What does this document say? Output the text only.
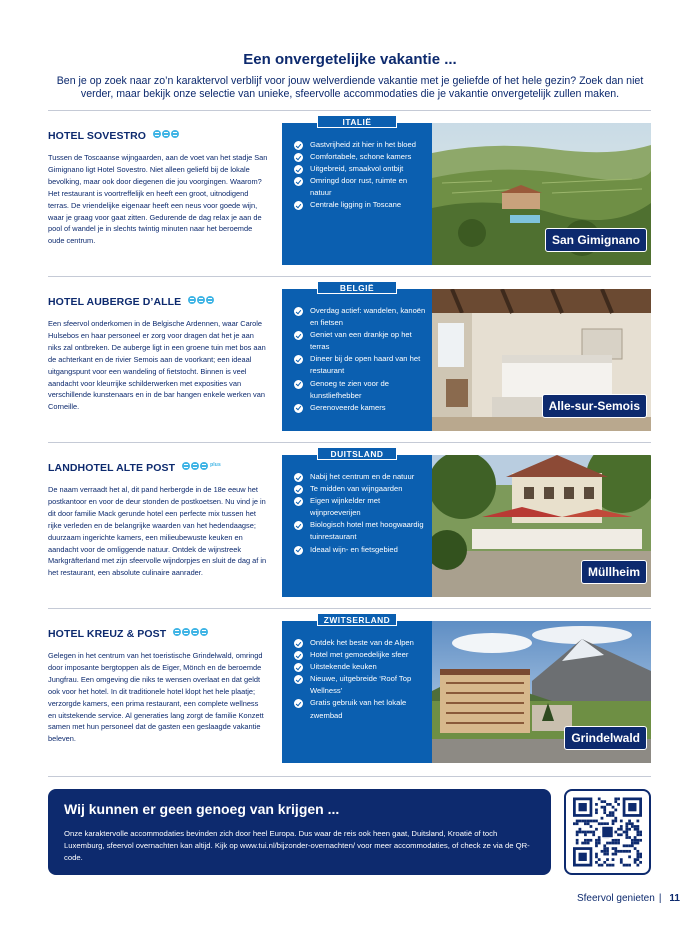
Een onvergetelijke vakantie ...
Ben je op zoek naar zo’n karaktervol verblijf voor jouw welverdiende vakantie met je geliefde of het hele gezin? Zoek dan niet verder, maar bekijk onze selectie van unieke, sfeervolle accommodaties die je vakantie onvergetelijk zullen maken.
HOTEL SOVESTRO
Tussen de Toscaanse wijngaarden, aan de voet van het stadje San Gimignano ligt Hotel Sovestro. Niet alleen geliefd bij de lokale bevolking, maar ook door diegenen die jou voorgingen. Waarom? Het restaurant is voortreffelijk en heeft een groot, uitnodigend terras. De vriendelijke eigenaar heeft een neus voor goede wijn, waar je graag voor gaat zitten. Gedurende de dag relax je aan de pool of wandel je in slechts twintig minuten naar het beroemde oude centrum.
ITALIË
Gastvrijheid zit hier in het bloed
Comfortabele, schone kamers
Uitgebreid, smaakvol ontbijt
Omringd door rust, ruimte en natuur
Centrale ligging in Toscane
San Gimignano
HOTEL AUBERGE D’ALLE
Een sfeervol onderkomen in de Belgische Ardennen, waar Carole Hulsebos en haar personeel er zorg voor dragen dat het je aan niks zal ontbreken. De auberge ligt in een groene tuin met bos aan de achterkant en de rivier Semois aan de voorkant; een ideaal uitgangspunt voor een wandeling of fietstocht. Binnen is veel aandacht voor kleurrijke schilderwerken met exposities van verschillende kunstenaars en in de bar hangen enkele werken van Corneille.
BELGIË
Overdag actief: wandelen, kanoën en fietsen
Geniet van een drankje op het terras
Dineer bij de open haard van het restaurant
Genoeg te zien voor de kunstliefhebber
Gerenoveerde kamers	Alle-sur-Semois
LANDHOTEL ALTE POST	plus
De naam verraadt het al, dit pand herbergde in de 18e eeuw het postkantoor en voor de deur stonden de postkoetsen. Nu vind je in dit door familie Mack gerunde hotel een perfecte mix tussen het rijke verleden en de belangrijke waarden van het hedendaagse; duurzaam ingerichte kamers, een milieubewuste keuken en aandacht voor de omliggende natuur. Ontdek de wijnstreek Markgräfterland met zijn sfeervolle wijndorpjes en sluit de dag af in het restaurant, een absolute culinaire aanrader.
DUITSLAND
Nabij het centrum en de natuur
Te midden van wijngaarden
Eigen wijnkelder met wijnproeverijen
Biologisch hotel met hoogwaardig tuinrestaurant
Ideaal wijn- en fietsgebied
Müllheim
HOTEL KREUZ & POST
Gelegen in het centrum van het toeristische Grindelwald, omringd door imposante bergtoppen als de Eiger, Mönch en de beroemde Jungfrau. Een omgeving die niks te wensen overlaat en dat geldt ook voor het hotel. In dit traditionele hotel klopt het hele plaatje; verzorgde kamers, een prima restaurant, een complete wellness en uitstekende service. Al generaties lang zorgt de familie Konzett samen met hun personeel dat de gasten een geslaagde vakantie beleven.
ZWITSERLAND
Ontdek het beste van de Alpen
Hotel met gemoedelijke sfeer
Uitstekende keuken
Nieuwe, uitgebreide ‘Roof Top Wellness’
Gratis gebruik van het lokale zwembad
Grindelwald
Wij kunnen er geen genoeg van krijgen ...
Onze karaktervolle accommodaties bevinden zich door heel Europa. Dus waar de reis ook heen gaat, Duitsland, Kroatië of toch Luxemburg, sfeervol overnachten kan altijd. Kijk op www.tui.nl/bijzonder-overnachten/ voor meer accommodaties, of check ze via de QR-code.
Sfeervol genieten | 11
